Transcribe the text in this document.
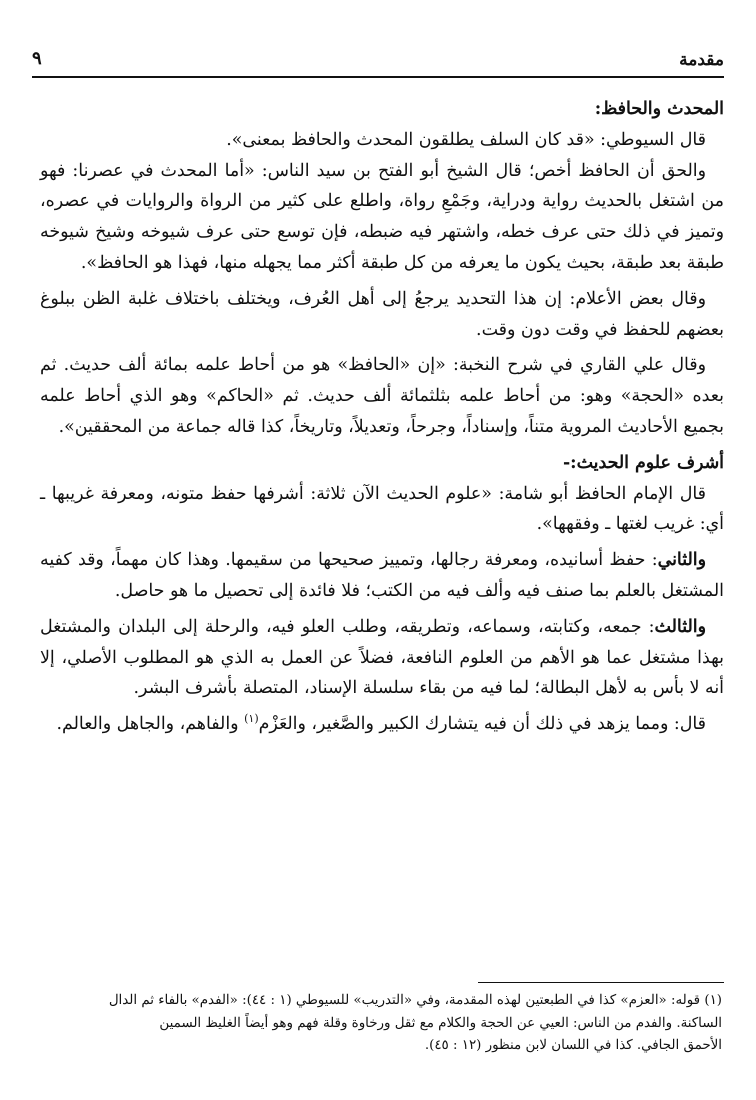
مقدمة
٩

المحدث والحافظ:

قال السيوطي: «قد كان السلف يطلقون المحدث والحافظ بمعنى».

والحق أن الحافظ أخص؛ قال الشيخ أبو الفتح بن سيد الناس: «أما المحدث في عصرنا: فهو من اشتغل بالحديث رواية ودراية، وجَمْعِ رواة، واطلع على كثير من الرواة والروايات في عصره، وتميز في ذلك حتى عرف خطه، واشتهر فيه ضبطه، فإن توسع حتى عرف شيوخه وشيخ شيوخه طبقة بعد طبقة، بحيث يكون ما يعرفه من كل طبقة أكثر مما يجهله منها، فهذا هو الحافظ».

وقال بعض الأعلام: إن هذا التحديد يرجعُ إلى أهل العُرف، ويختلف باختلاف غلبة الظن ببلوغ بعضهم للحفظ في وقت دون وقت.

وقال علي القاري في شرح النخبة: «إن «الحافظ» هو من أحاط علمه بمائة ألف حديث. ثم بعده «الحجة» وهو: من أحاط علمه بثلثمائة ألف حديث. ثم «الحاكم» وهو الذي أحاط علمه بجميع الأحاديث المروية متناً، وإسناداً، وجرحاً، وتعديلاً، وتاريخاً، كذا قاله جماعة من المحققين».

أشرف علوم الحديث:-

قال الإمام الحافظ أبو شامة: «علوم الحديث الآن ثلاثة: أشرفها حفظ متونه، ومعرفة غريبها ـ أي: غريب لغتها ـ وفقهها».

والثاني: حفظ أسانيده، ومعرفة رجالها، وتمييز صحيحها من سقيمها. وهذا كان مهماً، وقد كفيه المشتغل بالعلم بما صنف فيه وألف فيه من الكتب؛ فلا فائدة إلى تحصيل ما هو حاصل.

والثالث: جمعه، وكتابته، وسماعه، وتطريقه، وطلب العلو فيه، والرحلة إلى البلدان والمشتغل بهذا مشتغل عما هو الأهم من العلوم النافعة، فضلاً عن العمل به الذي هو المطلوب الأصلي، إلا أنه لا بأس به لأهل البطالة؛ لما فيه من بقاء سلسلة الإسناد، المتصلة بأشرف البشر.

قال: ومما يزهد في ذلك أن فيه يتشارك الكبير والصَّغير، والعَزْم$^{(١)}$ والفاهم، والجاهل والعالم.

(١) قوله: «العزم» كذا في الطبعتين لهذه المقدمة، وفي «التدريب» للسيوطي (١ : ٤٤): «الفدم» بالفاء ثم الدال

الساكنة. والفدم من الناس: العيي عن الحجة والكلام مع ثقل ورخاوة وقلة فهم وهو أيضاً الغليظ السمين

الأحمق الجافي. كذا في اللسان لابن منظور (١٢ : ٤٥).
